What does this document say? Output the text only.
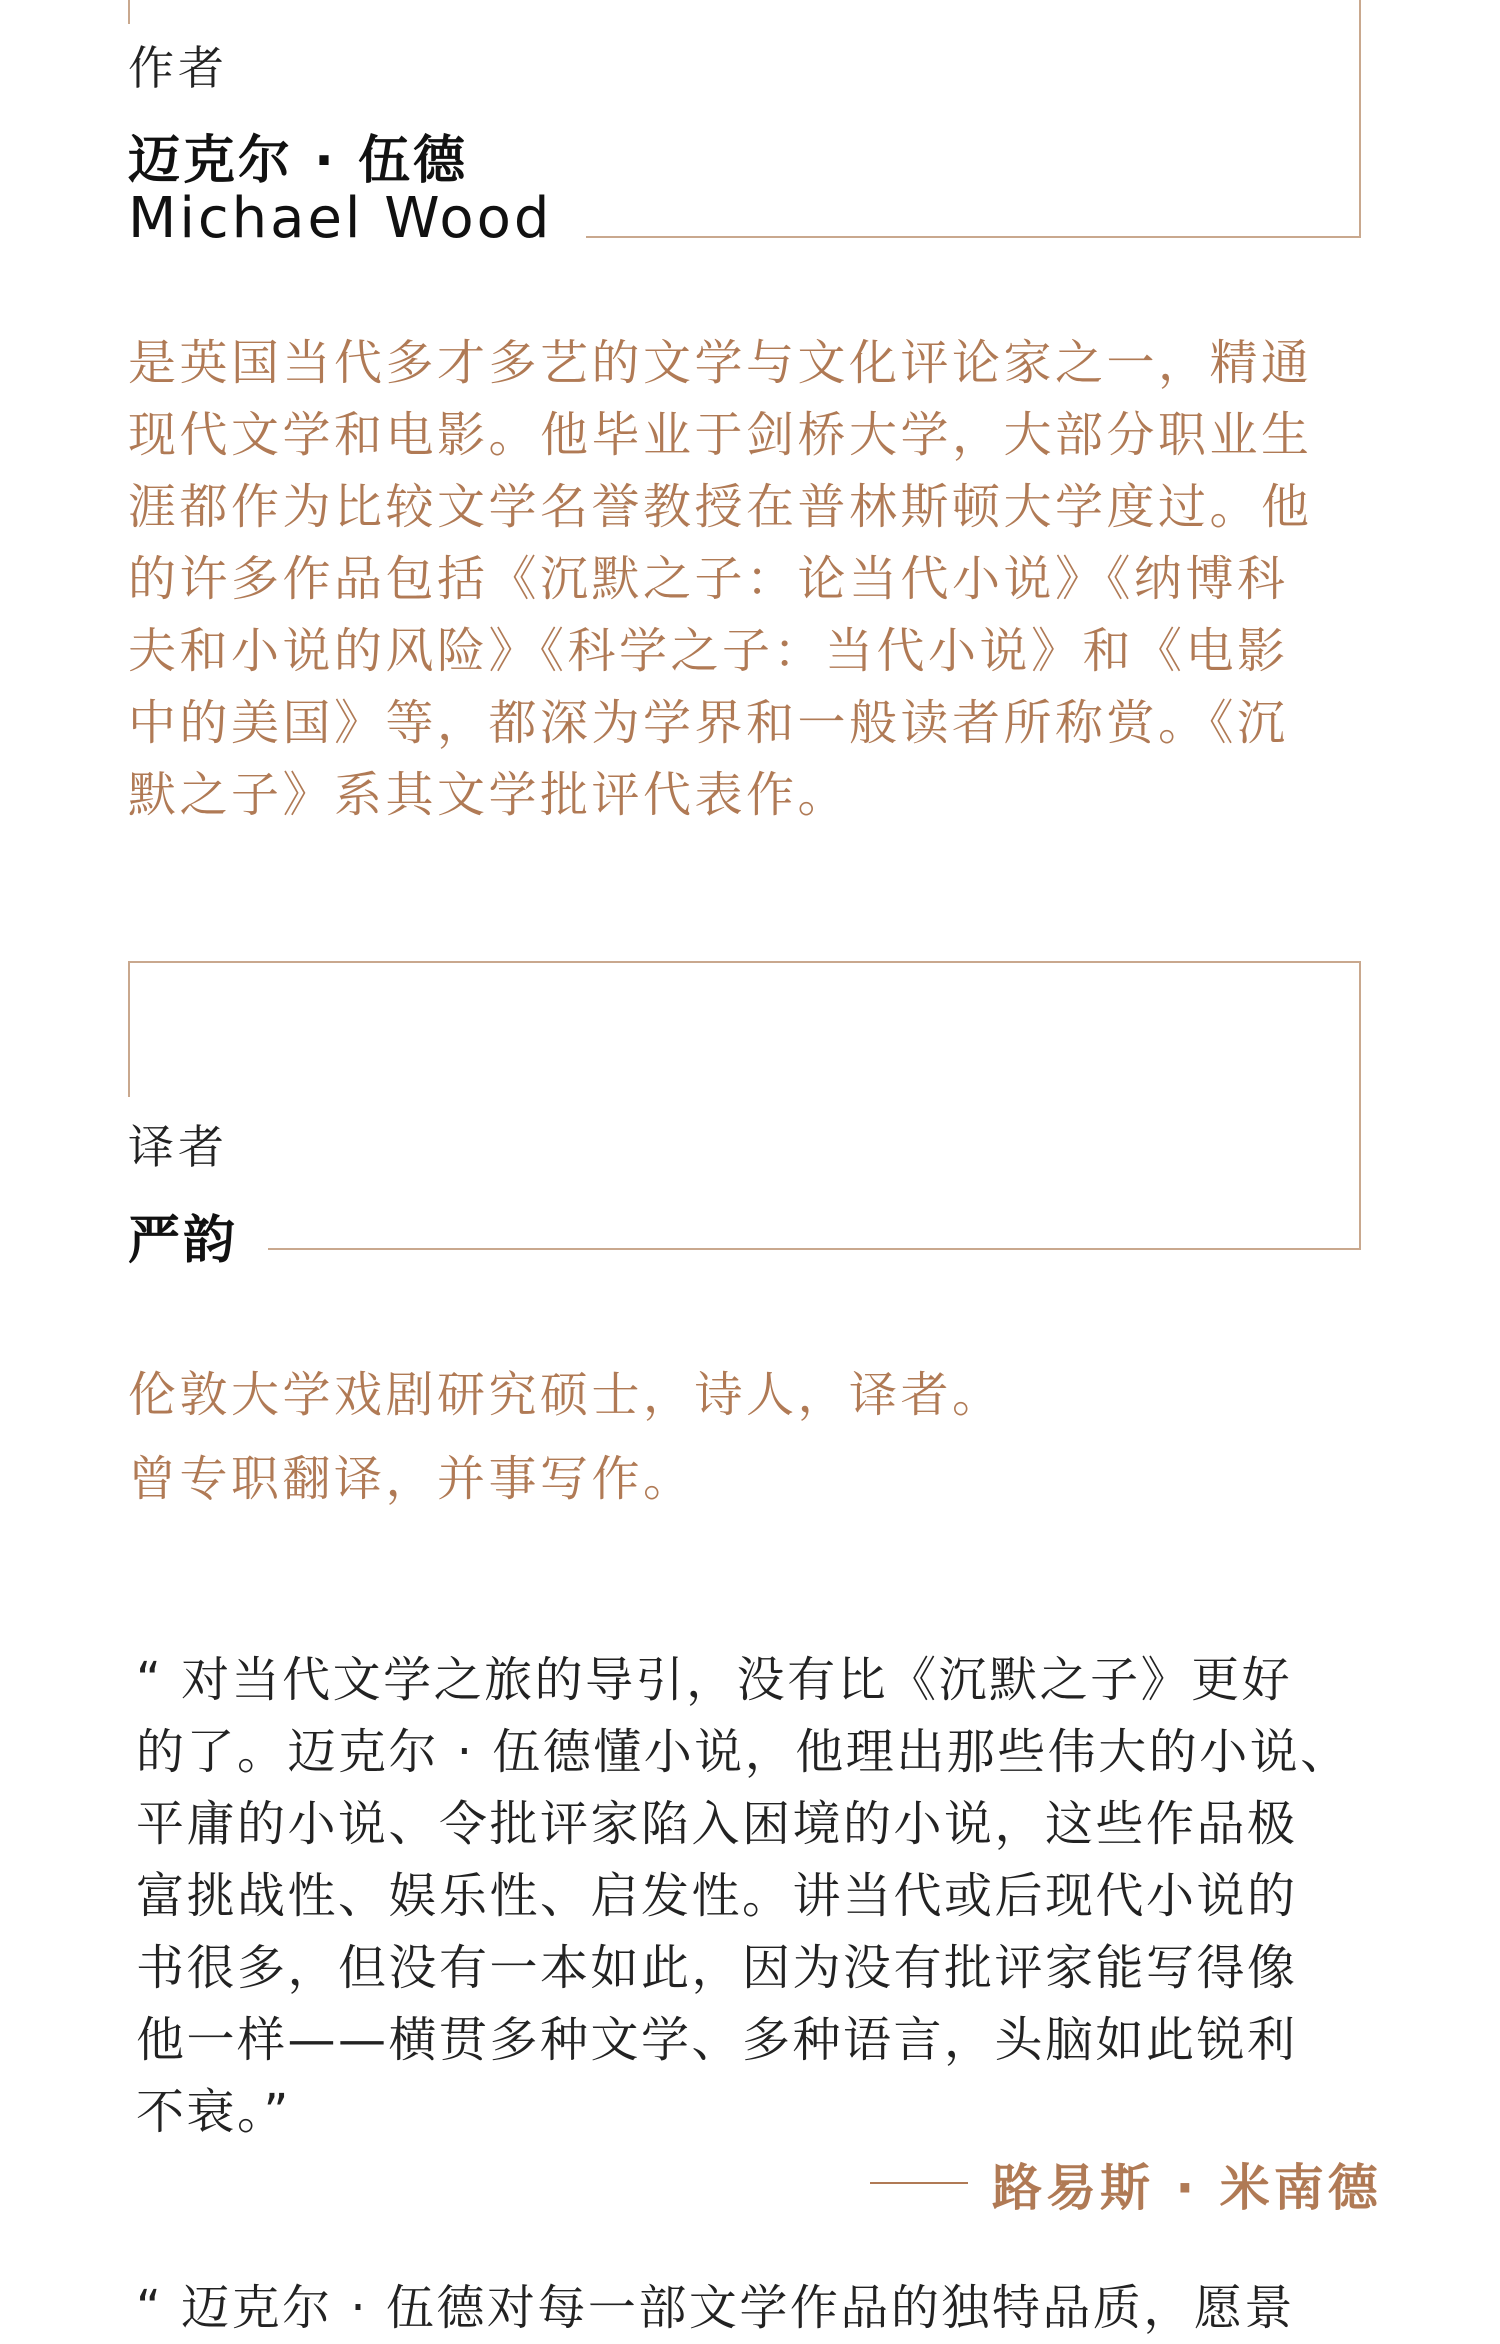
作者
迈克尔 · 伍德
Michael Wood

是英国当代多才多艺的文学与文化评论家之一，精通

现代文学和电影。他毕业于剑桥大学，大部分职业生

涯都作为比较文学名誉教授在普林斯顿大学度过。他

的许多作品包括《沉默之子：论当代小说》《纳博科

夫和小说的风险》《科学之子：当代小说》和《电影

中的美国》等，都深为学界和一般读者所称赏。《沉

默之子》系其文学批评代表作。

译者
严韵

伦敦大学戏剧研究硕士，诗人，译者。

曾专职翻译，并事写作。

“ 对当代文学之旅的导引，没有比《沉默之子》更好

的了。迈克尔 · 伍德懂小说，他理出那些伟大的小说、

平庸的小说、令批评家陷入困境的小说，这些作品极

富挑战性、娱乐性、启发性。讲当代或后现代小说的

书很多，但没有一本如此，因为没有批评家能写得像

他一样——横贯多种文学、多种语言，头脑如此锐利

不衰。”

路易斯 · 米南德
“ 迈克尔 · 伍德对每一部文学作品的独特品质，愿景
